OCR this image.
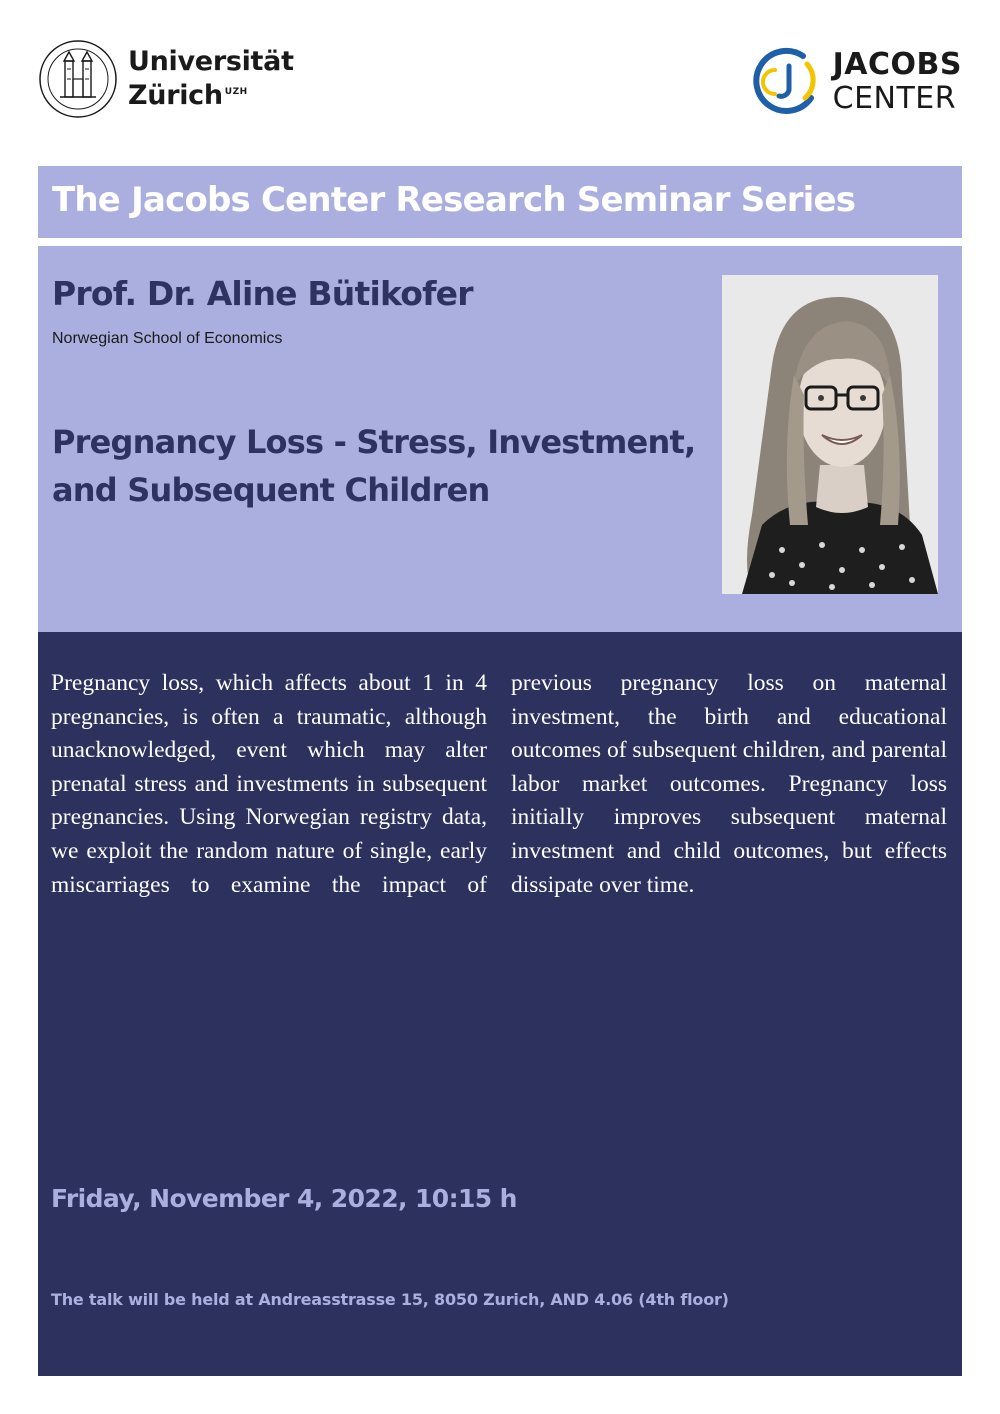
Universität
Zürich $^{UZH}$
JACOBS
CENTER
The Jacobs Center Research Seminar Series
Prof. Dr. Aline Bütikofer
Norwegian School of Economics
Pregnancy Loss - Stress, Investment, and Subsequent Children

Pregnancy loss, which affects about 1 in 4 pregnancies, is often a traumatic, although unacknowledged, event which may alter prenatal stress and investments in subsequent pregnancies. Using Norwegian registry data, we exploit the random nature of single, early miscarriages to examine the impact of previous pregnancy loss on maternal investment, the birth and educational outcomes of subsequent children, and parental labor market outcomes. Pregnancy loss initially improves subsequent maternal investment and child outcomes, but effects dissipate over time.

Friday, November 4, 2022, 10:15 h
The talk will be held at Andreasstrasse 15, 8050 Zurich, AND 4.06 (4th floor)
